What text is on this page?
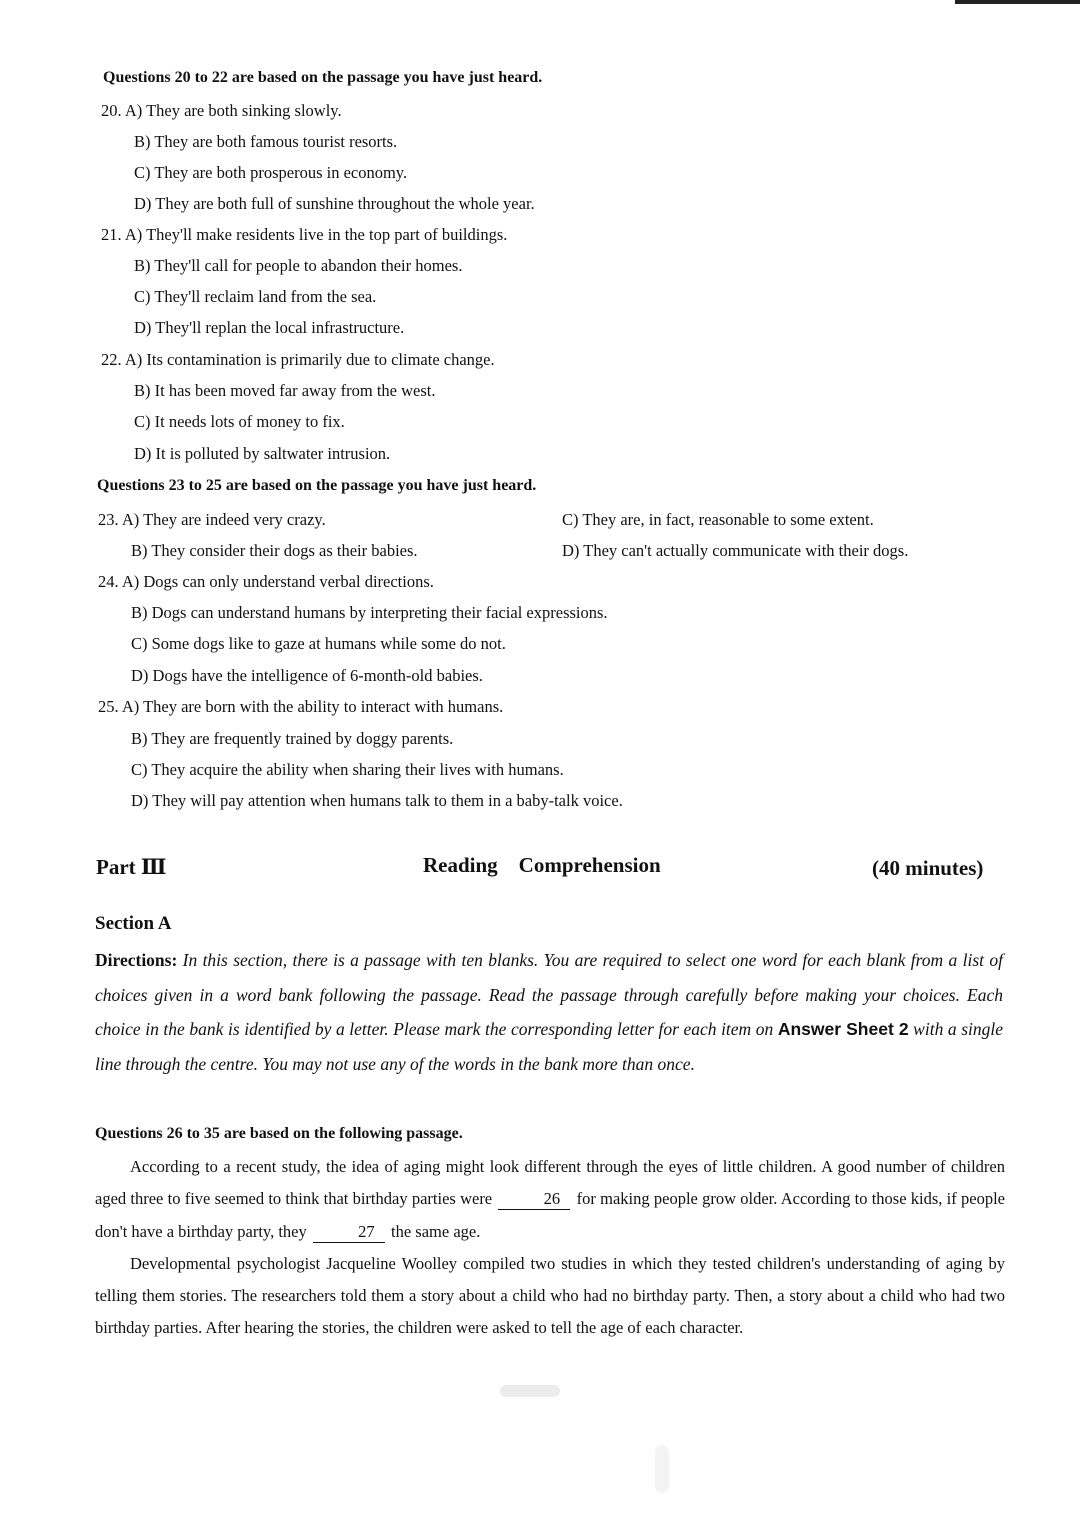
Questions 20 to 22 are based on the passage you have just heard.
20. A) They are both sinking slowly.
B) They are both famous tourist resorts.
C) They are both prosperous in economy.
D) They are both full of sunshine throughout the whole year.
21. A) They'll make residents live in the top part of buildings.
B) They'll call for people to abandon their homes.
C) They'll reclaim land from the sea.
D) They'll replan the local infrastructure.
22. A) Its contamination is primarily due to climate change.
B) It has been moved far away from the west.
C) It needs lots of money to fix.
D) It is polluted by saltwater intrusion.
Questions 23 to 25 are based on the passage you have just heard.
23. A) They are indeed very crazy.	C) They are, in fact, reasonable to some extent.
B) They consider their dogs as their babies.	D) They can't actually communicate with their dogs.
24. A) Dogs can only understand verbal directions.
B) Dogs can understand humans by interpreting their facial expressions.
C) Some dogs like to gaze at humans while some do not.
D) Dogs have the intelligence of 6-month-old babies.
25. A) They are born with the ability to interact with humans.
B) They are frequently trained by doggy parents.
C) They acquire the ability when sharing their lives with humans.
D) They will pay attention when humans talk to them in a baby-talk voice.
Part Ⅲ	Reading    Comprehension	(40 minutes)
Section A
Directions: In this section, there is a passage with ten blanks. You are required to select one word for each blank from a list of choices given in a word bank following the passage. Read the passage through carefully before making your choices. Each choice in the bank is identified by a letter. Please mark the corresponding letter for each item on Answer Sheet 2 with a single line through the centre. You may not use any of the words in the bank more than once.
Questions 26 to 35 are based on the following passage.

According to a recent study, the idea of aging might look different through the eyes of little children. A good number of children aged three to five seemed to think that birthday parties were	26 for making people grow older. According to those kids, if people don't have a birthday party, they	27 the same age.

Developmental psychologist Jacqueline Woolley compiled two studies in which they tested children's understanding of aging by telling them stories. The researchers told them a story about a child who had no birthday party. Then, a story about a child who had two birthday parties. After hearing the stories, the children were asked to tell the age of each character.
